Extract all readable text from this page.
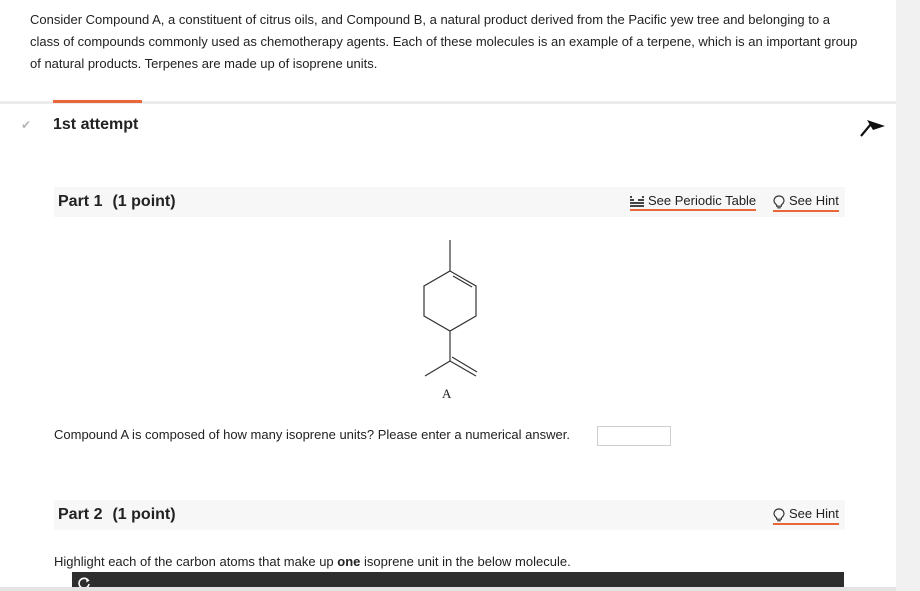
Consider Compound A, a constituent of citrus oils, and Compound B, a natural product derived from the Pacific yew tree and belonging to a class of compounds commonly used as chemotherapy agents. Each of these molecules is an example of a terpene, which is an important group of natural products. Terpenes are made up of isoprene units.
✔ 1st attempt
Part 1 (1 point)	See Periodic Table	See Hint
A
Compound A is composed of how many isoprene units? Please enter a numerical answer.
Part 2 (1 point)	See Hint
Highlight each of the carbon atoms that make up one isoprene unit in the below molecule.
